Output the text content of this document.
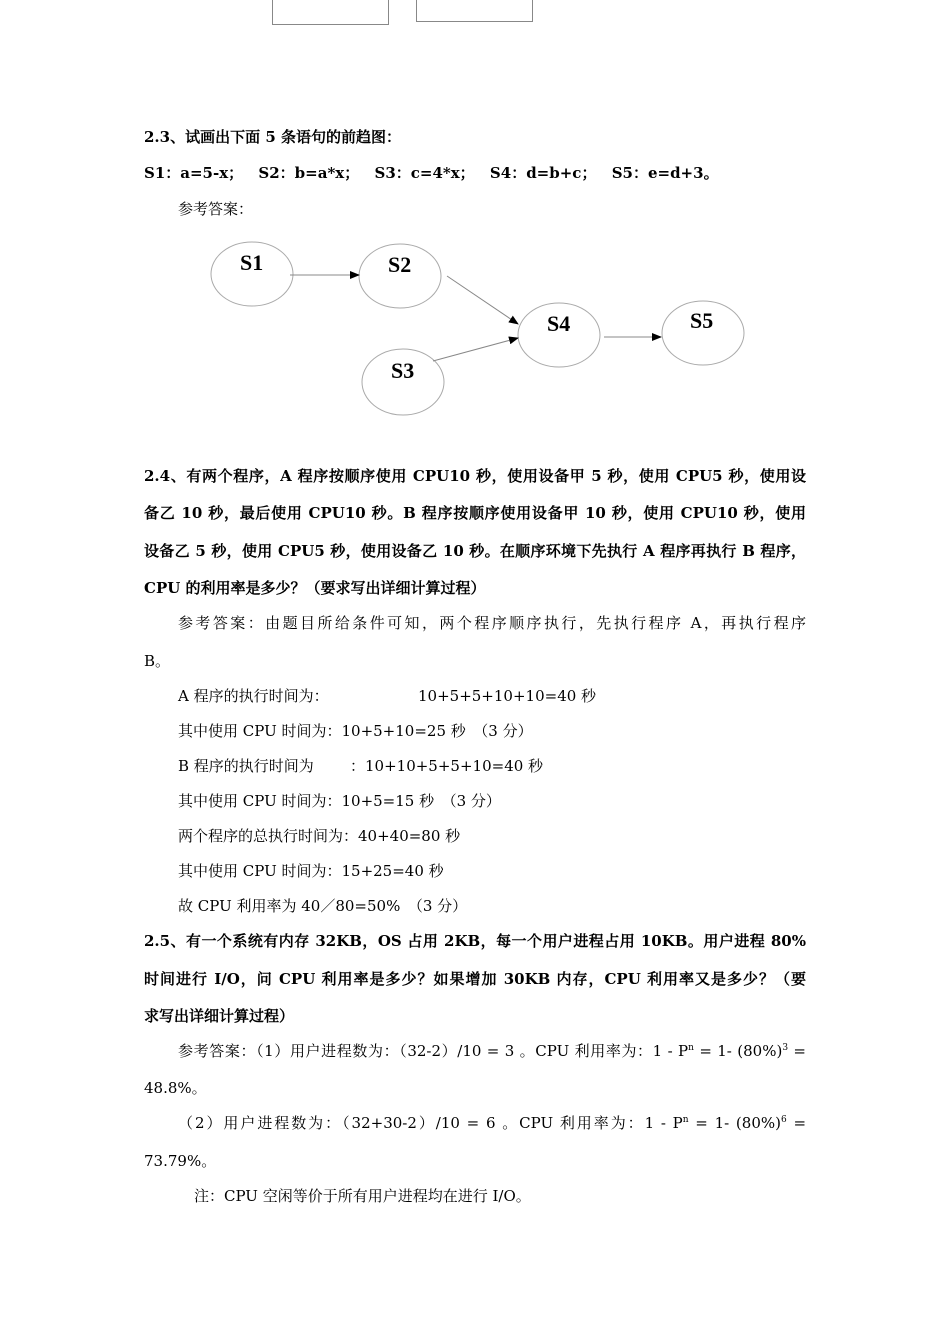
2.3、试画出下面 5 条语句的前趋图：
S1：a=5-x； S2：b=a*x； S3：c=4*x； S4：d=b+c； S5：e=d+3。
参考答案：
S1	S2
S3
S4	S5
2.4、有两个程序，A 程序按顺序使用 CPU10 秒，使用设备甲 5 秒，使用 CPU5 秒，使用设
备乙 10 秒，最后使用 CPU10 秒。B 程序按顺序使用设备甲 10 秒，使用 CPU10 秒，使用
设备乙 5 秒，使用 CPU5 秒，使用设备乙 10 秒。在顺序环境下先执行 A 程序再执行 B 程序，
CPU 的利用率是多少？（要求写出详细计算过程）
参考答案：由题目所给条件可知，两个程序顺序执行，先执行程序 A，再执行程序
B。
A 程序的执行时间为：	10+5+5+10+10=40 秒
其中使用 CPU 时间为：10+5+10=25 秒　（3 分）
B 程序的执行时间为 ：10+10+5+5+10=40 秒
其中使用 CPU 时间为：10+5=15 秒　（3 分）
两个程序的总执行时间为：40+40=80 秒
其中使用 CPU 时间为：15+25=40 秒
故 CPU 利用率为 40／80=50%　（3 分）
2.5、有一个系统有内存 32KB，OS 占用 2KB，每一个用户进程占用 10KB。用户进程 80%
时间进行 I/O，问 CPU 利用率是多少？如果增加 30KB 内存，CPU 利用率又是多少？（要
求写出详细计算过程）
参考答案：（1）用户进程数为：（32-2）/10 = 3 。CPU 利用率为：$1 - P^n = 1-$ $(80\%)^3$ =
48.8%。
（2）用户进程数为：（32+30-2）/10 = 6 。CPU 利用率为：$1 - P^n = 1-$ $(80\%)^6$ =
73.79%。
注：CPU 空闲等价于所有用户进程均在进行 I/O。
